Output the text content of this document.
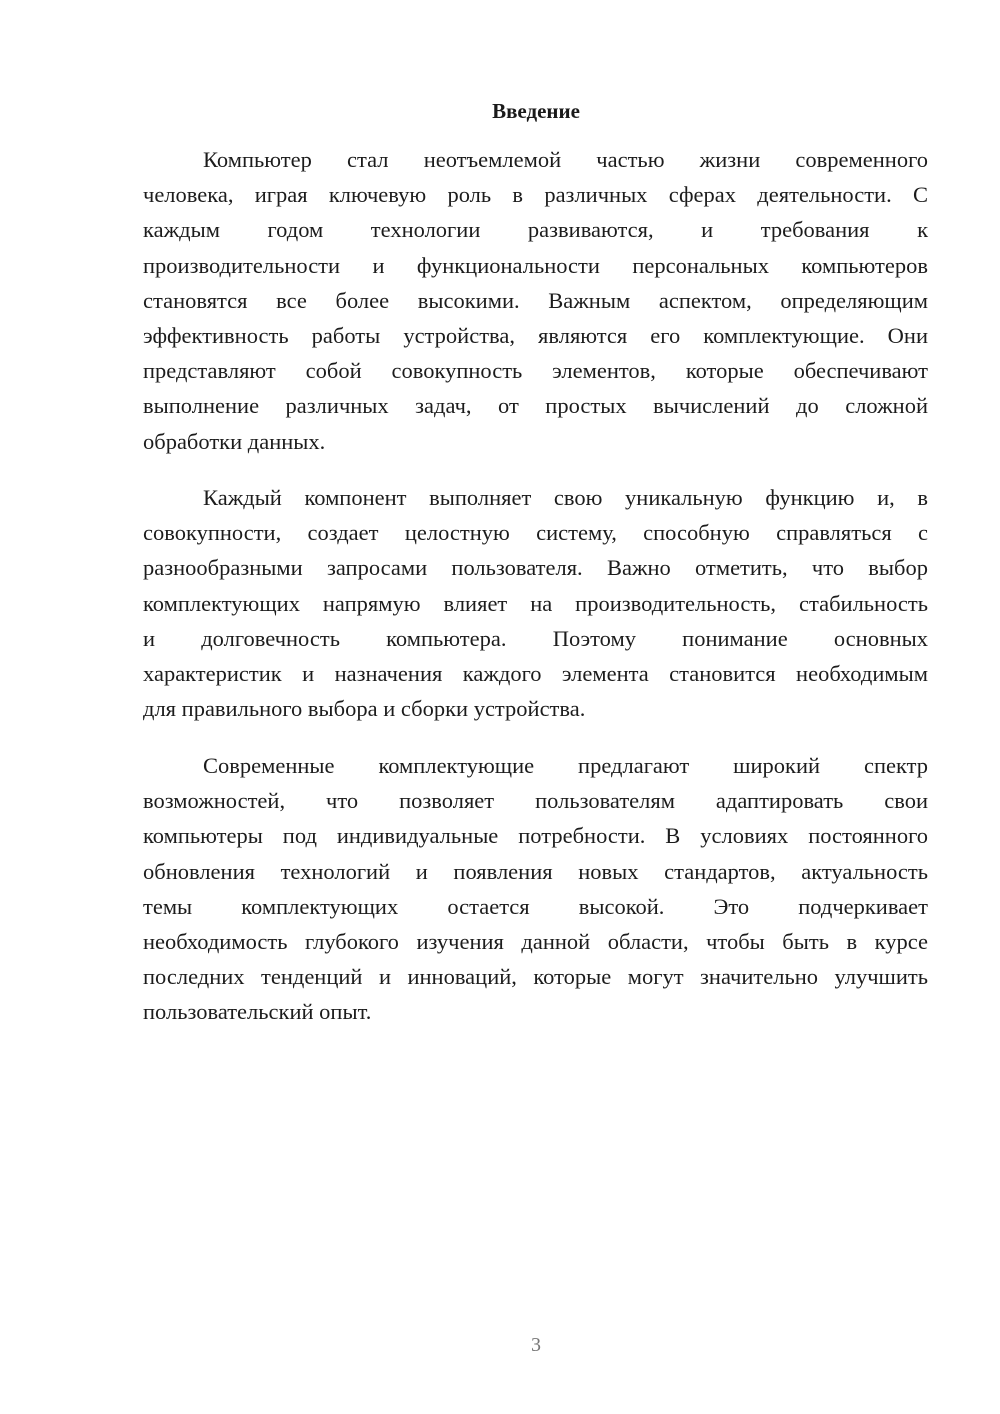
Введение
Компьютер стал неотъемлемой частью жизни современного
человека, играя ключевую роль в различных сферах деятельности. С
каждым годом технологии развиваются, и требования к
производительности и функциональности персональных компьютеров
становятся все более высокими. Важным аспектом, определяющим
эффективность работы устройства, являются его комплектующие. Они
представляют собой совокупность элементов, которые обеспечивают
выполнение различных задач, от простых вычислений до сложной
обработки данных.
Каждый компонент выполняет свою уникальную функцию и, в
совокупности, создает целостную систему, способную справляться с
разнообразными запросами пользователя. Важно отметить, что выбор
комплектующих напрямую влияет на производительность, стабильность
и долговечность компьютера. Поэтому понимание основных
характеристик и назначения каждого элемента становится необходимым
для правильного выбора и сборки устройства.
Современные комплектующие предлагают широкий спектр
возможностей, что позволяет пользователям адаптировать свои
компьютеры под индивидуальные потребности. В условиях постоянного
обновления технологий и появления новых стандартов, актуальность
темы комплектующих остается высокой. Это подчеркивает
необходимость глубокого изучения данной области, чтобы быть в курсе
последних тенденций и инноваций, которые могут значительно улучшить
пользовательский опыт.
3
